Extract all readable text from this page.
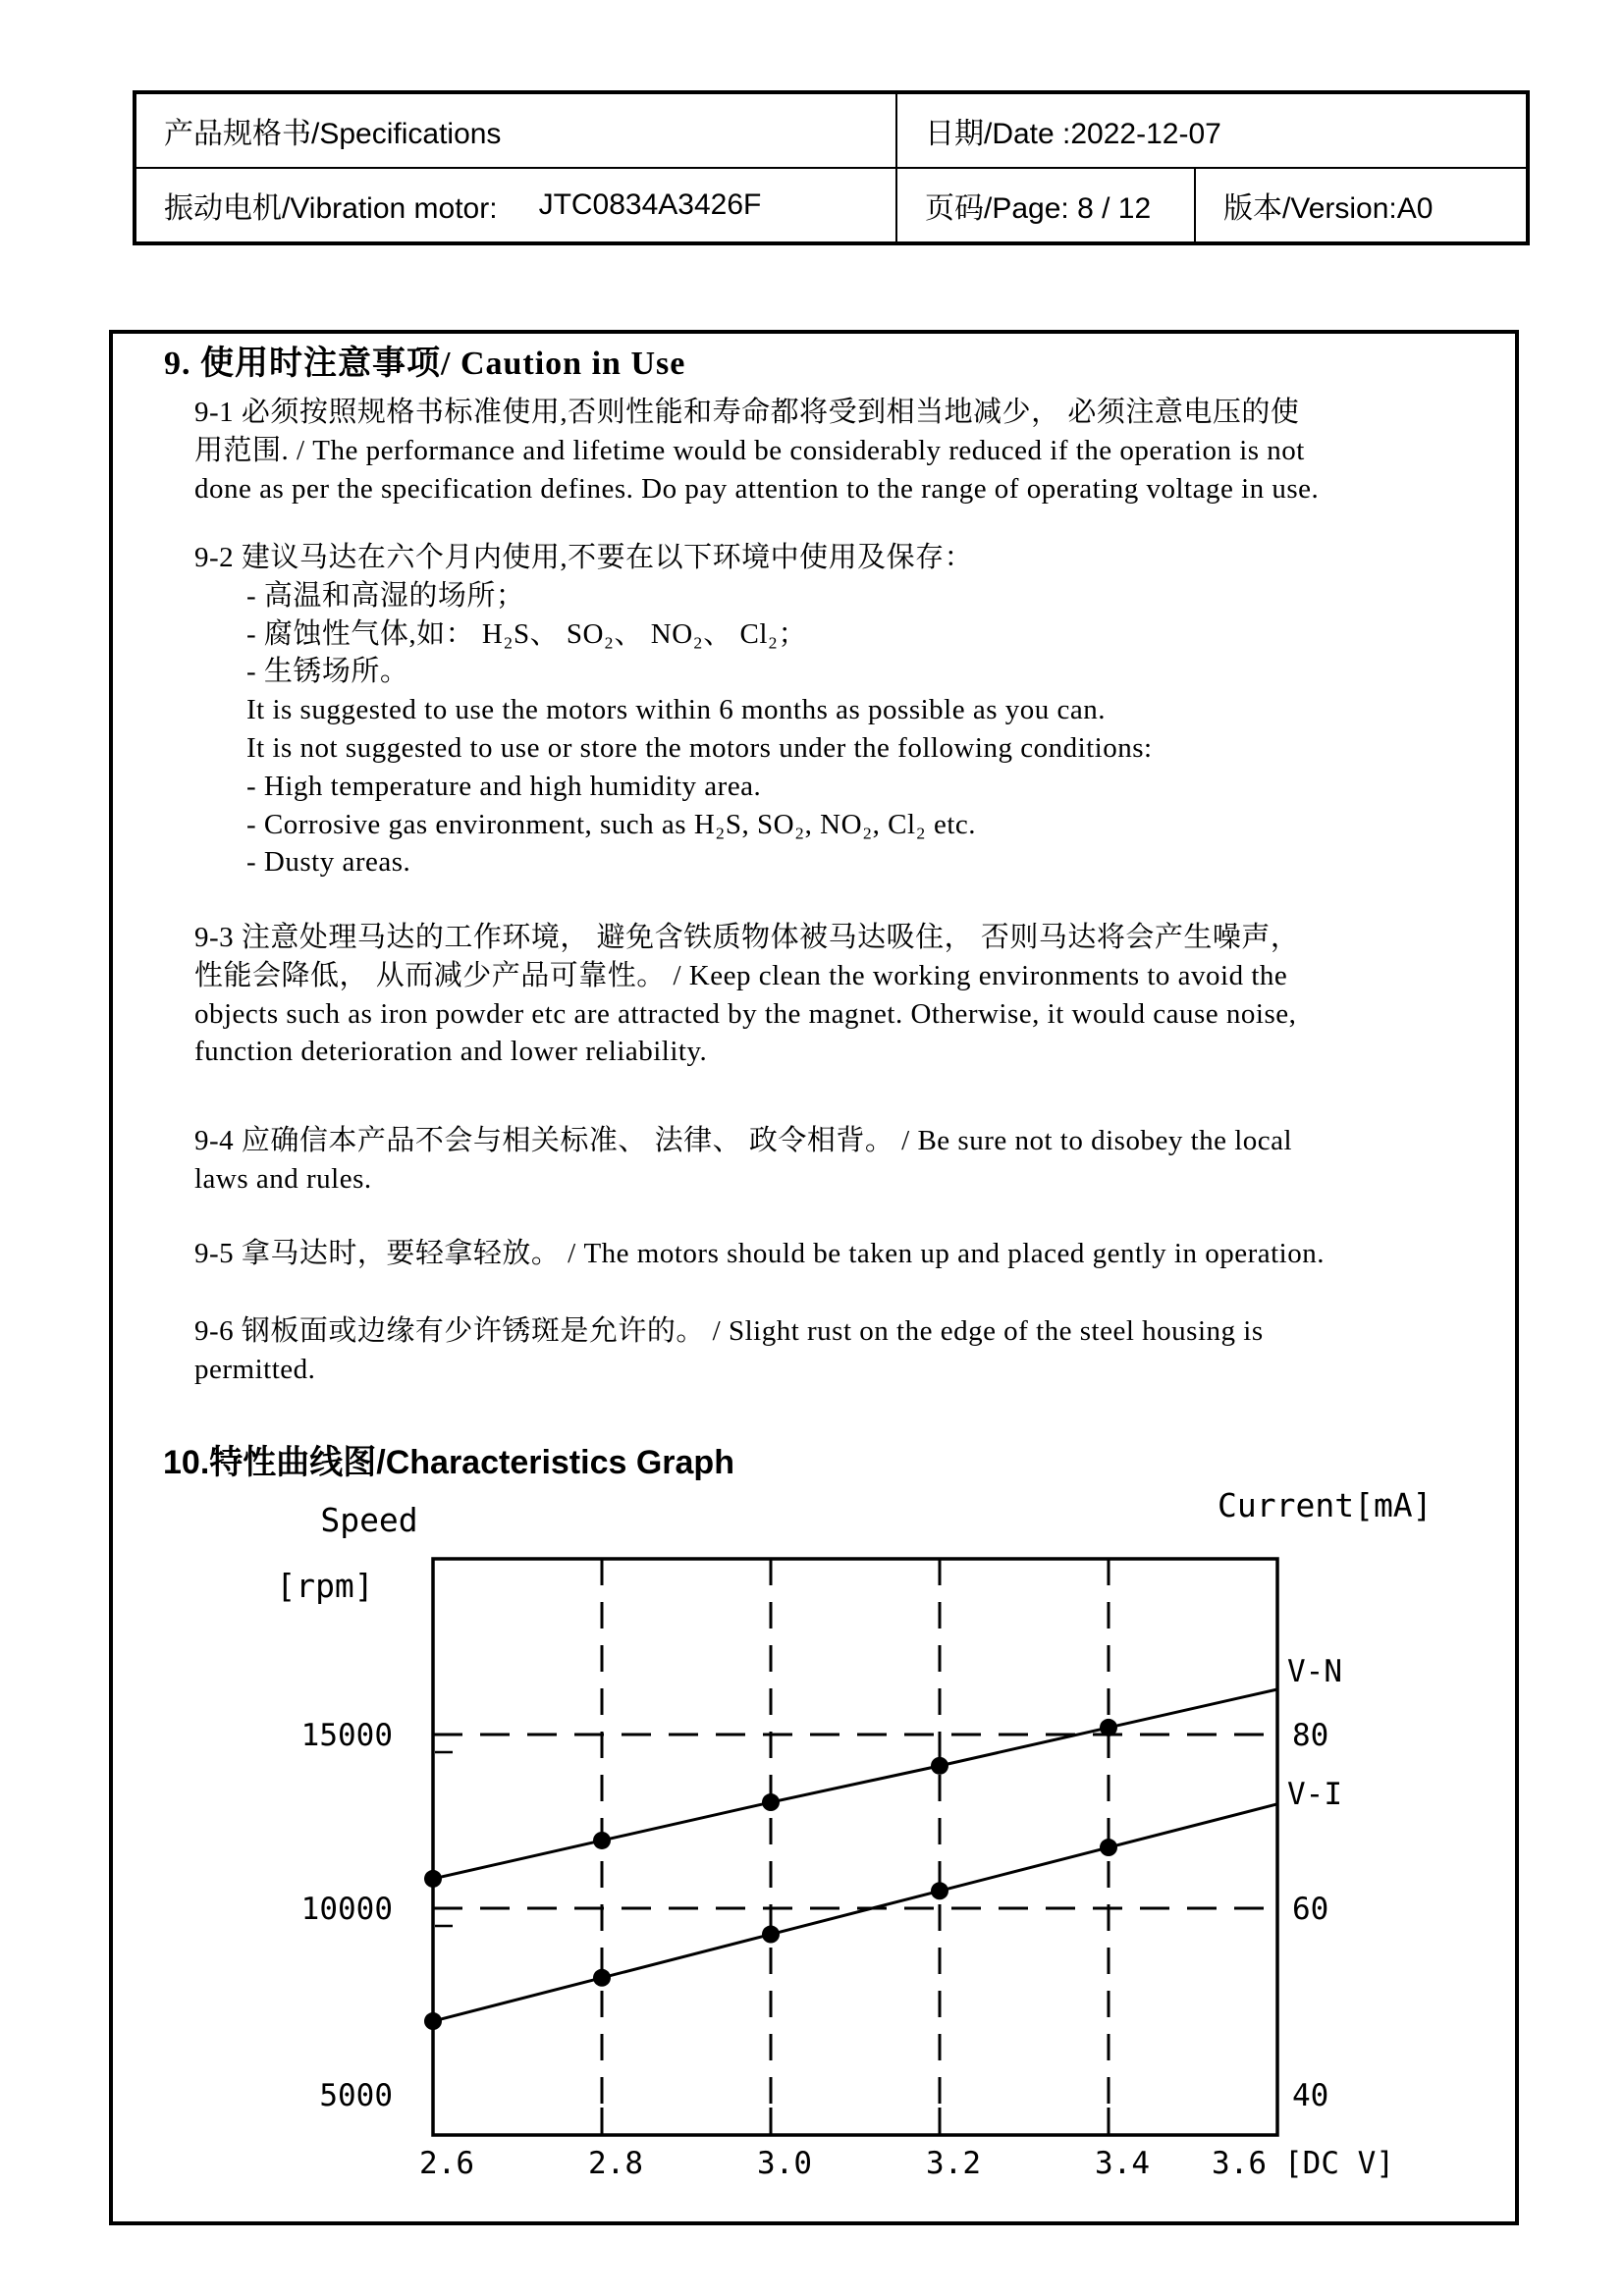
产品规格书/Specifications	日期/Date :2022-12-07
振动电机/Vibration motor: JTC0834A3426F	页码/Page: 8 / 12 版本/Version:A0
9. 使用时注意事项/ Caution in Use
9-1 必须按照规格书标准使用,否则性能和寿命都将受到相当地减少， 必须注意电压的使
用范围. / The performance and lifetime would be considerably reduced if the operation is not
done as per the specification defines. Do pay attention to the range of operating voltage in use.
9-2 建议马达在六个月内使用,不要在以下环境中使用及保存：
- 高温和高湿的场所；
- 腐蚀性气体,如： H₂S、 SO₂、 NO₂、 Cl₂；
- 生锈场所。
It is suggested to use the motors within 6 months as possible as you can.
It is not suggested to use or store the motors under the following conditions:
- High temperature and high humidity area.
- Corrosive gas environment, such as H₂S, SO₂, NO₂, Cl₂ etc.
- Dusty areas.
9-3 注意处理马达的工作环境， 避免含铁质物体被马达吸住， 否则马达将会产生噪声，
性能会降低， 从而减少产品可靠性。 / Keep clean the working environments to avoid the
objects such as iron powder etc are attracted by the magnet. Otherwise, it would cause noise,
function deterioration and lower reliability.
9-4 应确信本产品不会与相关标准、 法律、 政令相背。 / Be sure not to disobey the local
laws and rules.
9-5 拿马达时，要轻拿轻放。 / The motors should be taken up and placed gently in operation.
9-6 钢板面或边缘有少许锈斑是允许的。 / Slight rust on the edge of the steel housing is
permitted.
10.特性曲线图/Characteristics Graph
Speed
[rpm]
Current[mA]
15000
10000
5000
80
60
40
V-N
V-I
2.6	2.8	3.0	3.2	3.4 3.6 [DC V]
